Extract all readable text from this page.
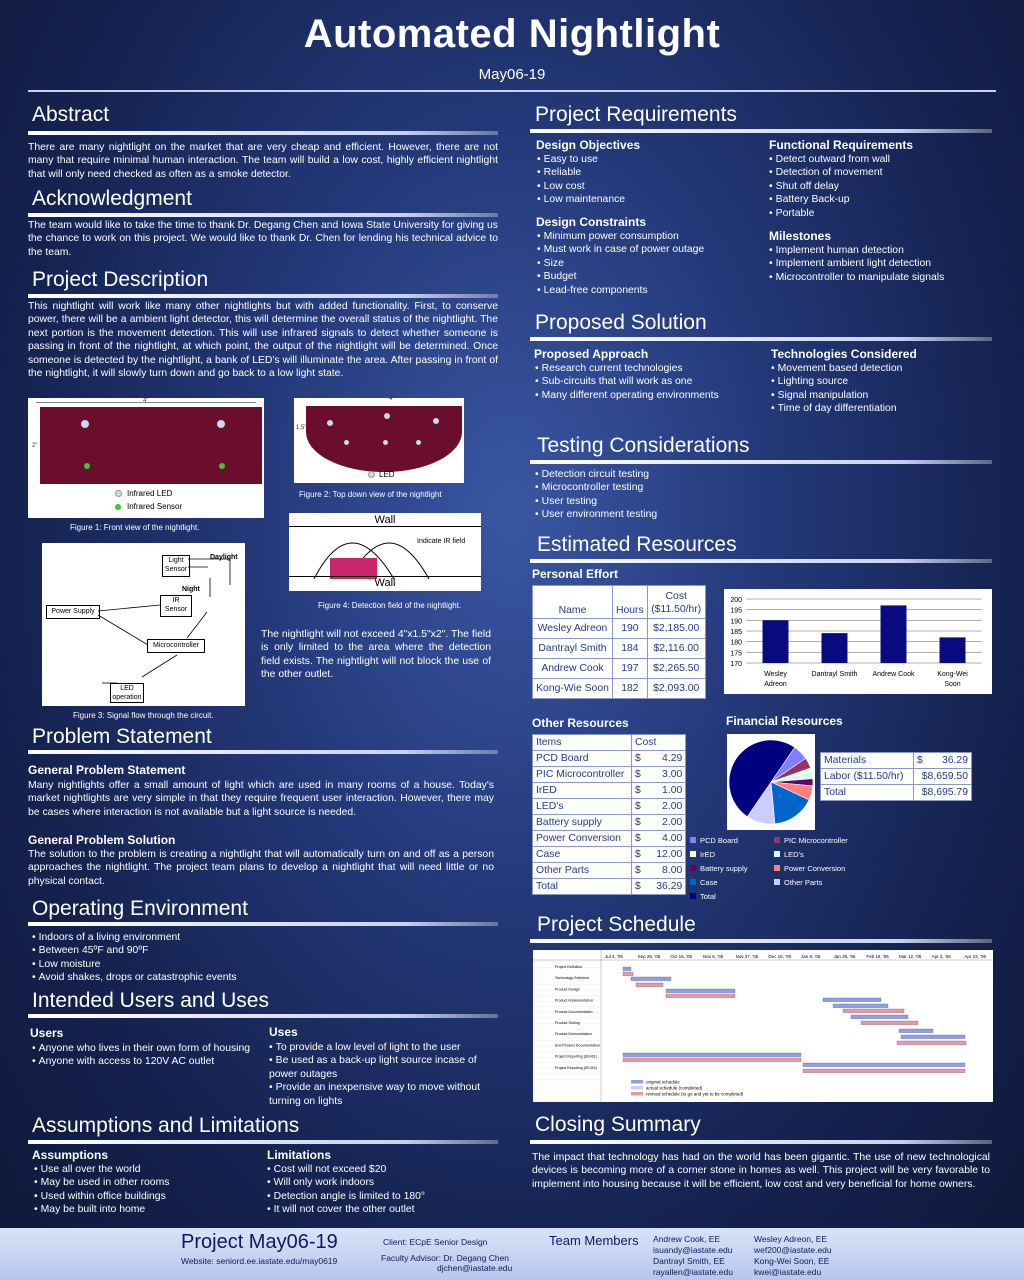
Automated Nightlight
May06-19
Abstract
There are many nightlight on the market that are very cheap and efficient. However, there are not many that require minimal human interaction. The team will build a low cost, highly efficient nightlight that will only need checked as often as a smoke detector.
Acknowledgment
The team would like to take the time to thank Dr. Degang Chen and Iowa State University for giving us the chance to work on this project. We would like to thank Dr. Chen for lending his technical advice to the team.
Project Description
This nightlight will work like many other nightlights but with added functionality. First, to conserve power, there will be a ambient light detector, this will determine the overall status of the nightlight. The next portion is the movement detection. This will use infrared signals to detect whether someone is passing in front of the nightlight, at which point, the output of the nightlight will be determined. Once someone is detected by the nightlight, a bank of LED's will illuminate the area. After passing in front of the nightlight, it will slowly turn down and go back to a low light state.
4"
2"
Infrared LED
Infrared Sensor
Figure 1: Front view of the nightlight.
4"
1.5"
LED
Figure 2: Top down view of the nightlight
Daylight
Light Sensor
Night
IR Sensor
Power Supply
Microcontroller
LED operation
Figure 3: Signal flow through the circuit.
Wall
Indicate IR field
Wall
Figure 4: Detection field of the nightlight.
The nightlight will not exceed 4"x1.5"x2". The field is only limited to the area where the detection field exists. The nightlight will not block the use of the other outlet.
Problem Statement
General Problem Statement
Many nightlights offer a small amount of light which are used in many rooms of a house. Today's market nightlights are very simple in that they require frequent user interaction. However, there may be cases where interaction is not available but a light source is needed.
General Problem Solution
The solution to the problem is creating a nightlight that will automatically turn on and off as a person approaches the nightlight. The project team plans to develop a nightlight that will need little or no physical contact.
Operating Environment
• Indoors of a living environment
• Between 45ºF and 90ºF
• Low moisture
• Avoid shakes, drops or catastrophic events
Intended Users and Uses
Users
• Anyone who lives in their own form of housing
• Anyone with access to 120V AC outlet
Uses
• To provide a low level of light to the user
• Be used as a back-up light source incase of power outages
• Provide an inexpensive way to move without turning on lights
Assumptions and Limitations
Assumptions
• Use all over the world
• May be used in other rooms
• Used within office buildings
• May be built into home
Limitations
• Cost will not exceed $20
• Will only work indoors
• Detection angle is limited to 180°
• It will not cover the other outlet
Project Requirements
Design Objectives
• Easy to use
• Reliable
• Low cost
• Low maintenance
Functional Requirements
• Detect outward from wall
• Detection of movement
• Shut off delay
• Battery Back-up
• Portable
Design Constraints
• Minimum power consumption
• Must work in case of power outage
• Size
• Budget
• Lead-free components
Milestones
• Implement human detection
• Implement ambient light detection
• Microcontroller to manipulate signals
Proposed Solution
Proposed Approach
• Research current technologies
• Sub-circuits that will work as one
• Many different operating environments
Technologies Considered
• Movement based detection
• Lighting source
• Signal manipulation
• Time of day differentiation
Testing Considerations
• Detection circuit testing
• Microcontroller testing
• User testing
• User environment testing
Estimated Resources
Personal Effort
Name	Hours	Cost
($11.50/hr)

Wesley Adreon	190	$2,185.00
Dantrayl Smith	184	$2,116.00
Andrew Cook	197	$2,265.50
Kong-Wie Soon	182	$2,093.00
200
195
190
185
180
175
170
Wesley
Adreon
Dantrayl Smith Andrew Cook	Kong-Wei
Soon
Other Resources	Financial Resources
Items	Cost	
PCD Board	$	4.29
PIC Microcontroller	$	3.00
IrED	$	1.00
LED's	$	2.00
Battery supply	$	2.00
Power Conversion	$	4.00
Case	$	12.00
Other Parts	$	8.00
Total	$	36.29
PCD Board	PIC Microcontroller
IrED	LED's
Battery supply	Power Conversion
Case	Other Parts
Total
Materials	$ 36.29
Labor ($11.50/hr)	$8,659.50
Total	$8,695.79
Project Schedule
Jul 4, '05	Sep 25, '05 Oct 16, '05 Nov 6, '05	Nov 27, '05 Dec 18, '05 Jan 8, '06	Jan 29, '06 Feb 19, '06 Mar 12, '06 Apr 2, '06	Apr 23, '06
Project Definition
Technology Selection
Product Design
Product Implementation
Product Documentation
Product Testing
Product Demonstration
End Product Documentation
Project Reporting (EE491)
Project Reporting (EE492)
original schedule
actual schedule (completed)
revised schedule (to go and yet to be completed)
Closing Summary
The impact that technology has had on the world has been gigantic. The use of new technological devices is becoming more of a corner stone in homes as well. This project will be very favorable to implement into housing because it will be efficient, low cost and very beneficial for home owners.
Project May06-19
Website: seniord.ee.iastate.edu/may0619
Client: ECpE Senior Design
Faculty Advisor: Dr. Degang Chen
djchen@iastate.edu
Team Members Andrew Cook, EE
isuandy@iastate.edu
Wesley Adreon, EE
wef200@iastate.edu
Dantrayl Smith, EE
rayallen@iastate.edu
Kong-Wei Soon, EE
kwei@iastate.edu
